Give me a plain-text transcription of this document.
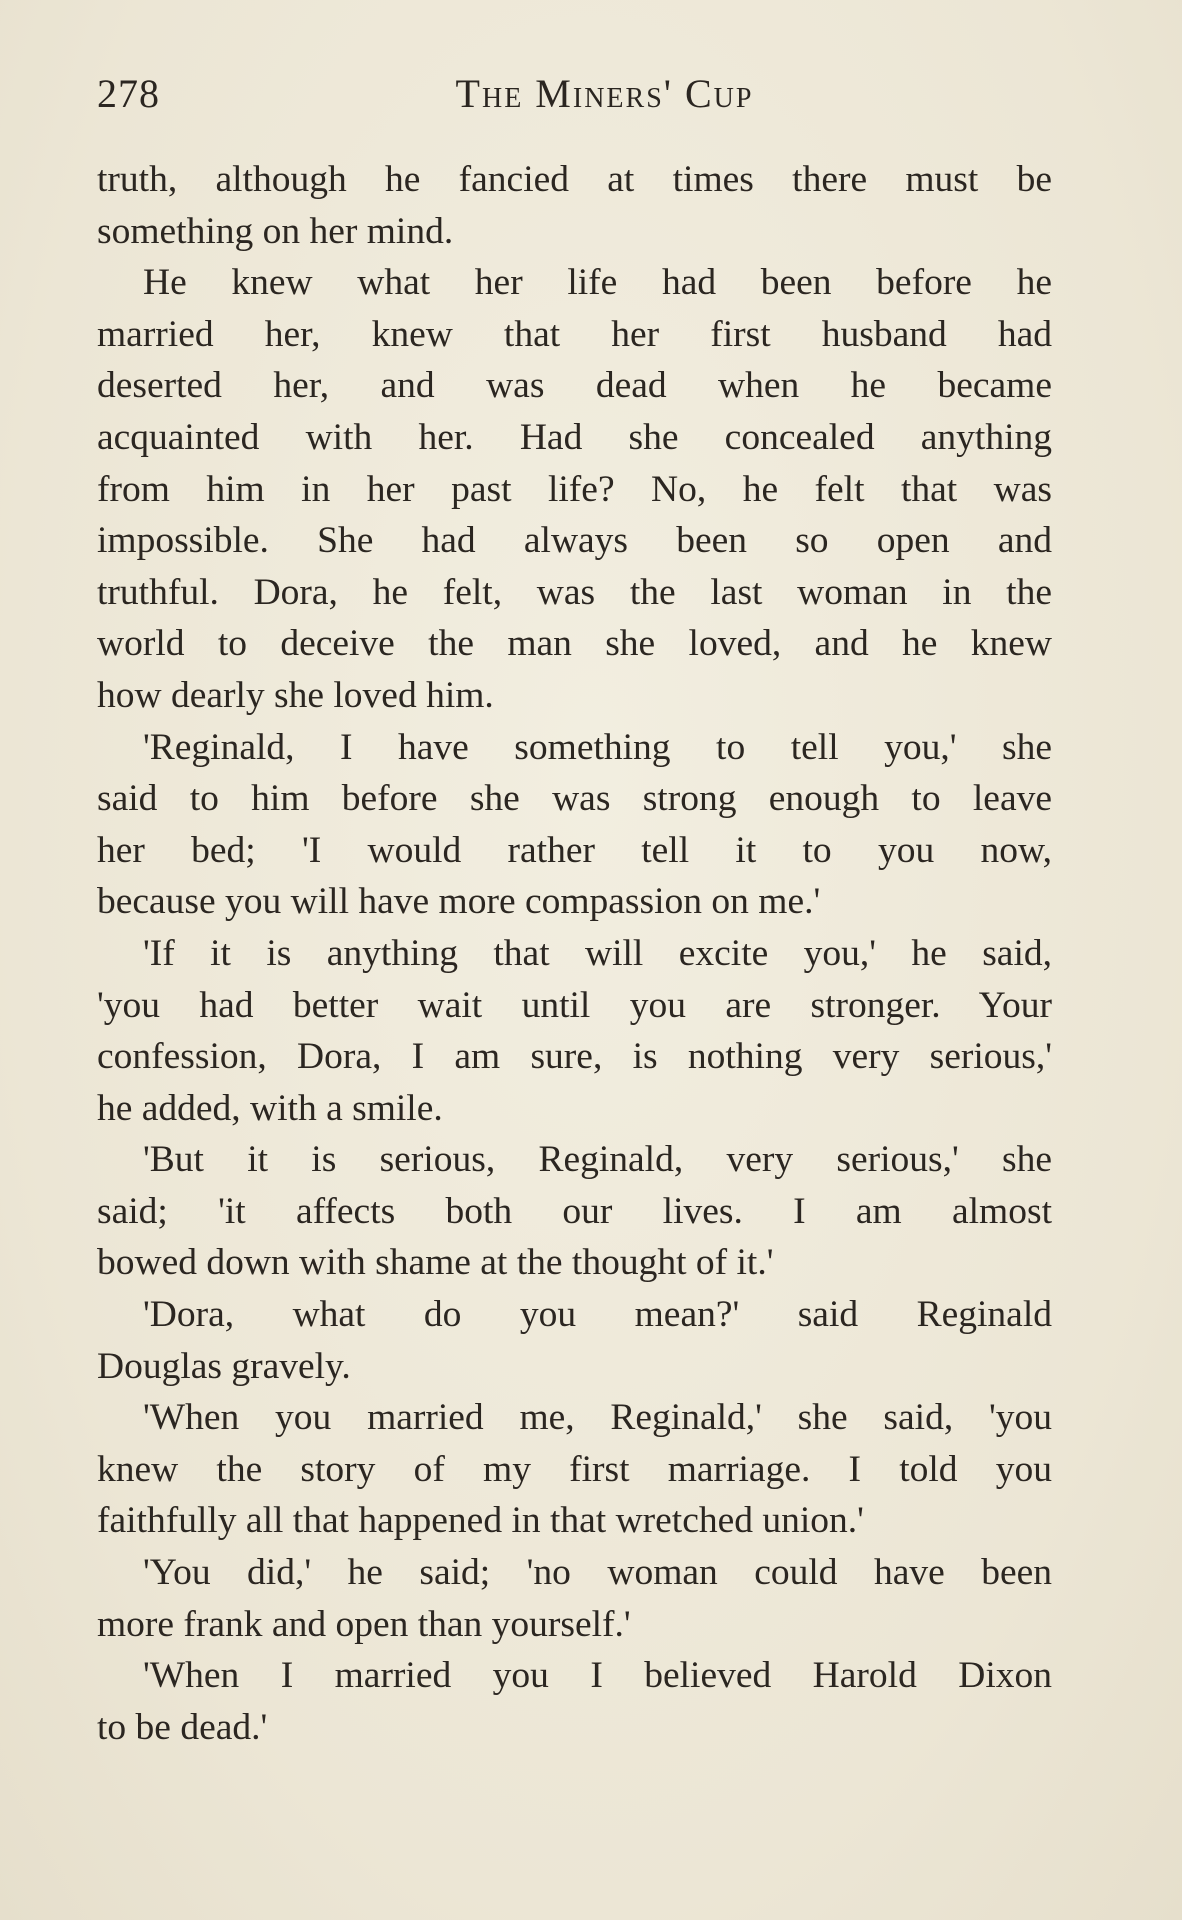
278	The Miners' Cup
truth, although he fancied at times there must be
something on her mind.
He knew what her life had been before he
married her, knew that her first husband had
deserted her, and was dead when he became
acquainted with her. Had she concealed anything
from him in her past life? No, he felt that was
impossible. She had always been so open and
truthful. Dora, he felt, was the last woman in the
world to deceive the man she loved, and he knew
how dearly she loved him.
'Reginald, I have something to tell you,' she
said to him before she was strong enough to leave
her bed; 'I would rather tell it to you now,
because you will have more compassion on me.'
'If it is anything that will excite you,' he said,
'you had better wait until you are stronger. Your
confession, Dora, I am sure, is nothing very serious,'
he added, with a smile.
'But it is serious, Reginald, very serious,' she
said; 'it affects both our lives. I am almost
bowed down with shame at the thought of it.'
'Dora, what do you mean?' said Reginald
Douglas gravely.
'When you married me, Reginald,' she said, 'you
knew the story of my first marriage. I told you
faithfully all that happened in that wretched union.'
'You did,' he said; 'no woman could have been
more frank and open than yourself.'
'When I married you I believed Harold Dixon
to be dead.'
